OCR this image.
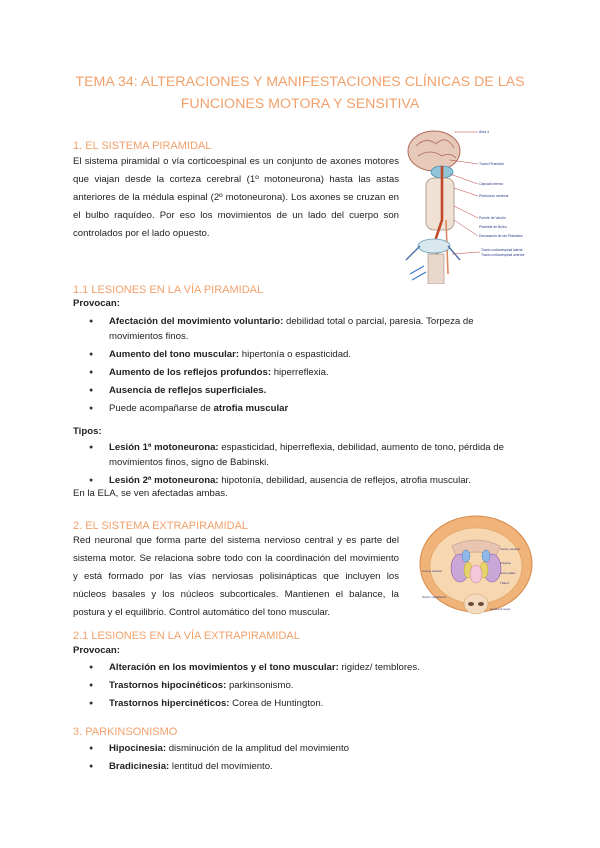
TEMA 34: ALTERACIONES Y MANIFESTACIONES CLÍNICAS DE LAS FUNCIONES MOTORA Y SENSITIVA
1. EL SISTEMA PIRAMIDAL

El sistema piramidal o vía corticoespinal es un conjunto de axones motores que viajan desde la corteza cerebral (1º motoneurona) hasta las astas anteriores de la médula espinal (2º motoneurona). Los axones se cruzan en el bulbo raquídeo. Por eso los movimientos de un lado del cuerpo son controlados por el lado opuesto.

Área 4
Tracto Piramidal
Cápsula interna
Pedúnculo cerebral
Puente de Varolio
Pirámide de Bulbo
Decusación de las Pirámides
Tracto corticoespinal lateral
Tracto corticoespinal anterior
1.1 LESIONES EN LA VÍA PIRAMIDAL

Provocan:

● Afectación del movimiento voluntario: debilidad total o parcial, paresia. Torpeza de movimientos finos.
● Aumento del tono muscular: hipertonía o espasticidad.
● Aumento de los reflejos profundos: hiperreflexia.
● Ausencia de reflejos superficiales.
● Puede acompañarse de atrofia muscular

Tipos:

● Lesión 1ª motoneurona: espasticidad, hiperreflexia, debilidad, aumento de tono, pérdida de movimientos finos, signo de Babinski.
● Lesión 2ª motoneurona: hipotonía, debilidad, ausencia de reflejos, atrofia muscular.

En la ELA, se ven afectadas ambas.

2. EL SISTEMA EXTRAPIRAMIDAL

Red neuronal que forma parte del sistema nervioso central y es parte del sistema motor. Se relaciona sobre todo con la coordinación del movimiento y está formado por las vías nerviosas polisinápticas que incluyen los núcleos basales y los núcleos subcorticales. Mantienen el balance, la postura y el equilibrio. Control automático del tono muscular.

Núcleo caudado
Putamen
Globo pálido
Tálamo
Cuerpo estriado
Núcleo subtalámico
Sustancia negra
2.1 LESIONES EN LA VÍA EXTRAPIRAMIDAL

Provocan:

● Alteración en los movimientos y el tono muscular: rigidez/ temblores.
● Trastornos hipocinéticos: parkinsonismo.
● Trastornos hipercinéticos: Corea de Huntington.
3. PARKINSONISMO
● Hipocinesia: disminución de la amplitud del movimiento
● Bradicinesia: lentitud del movimiento.
